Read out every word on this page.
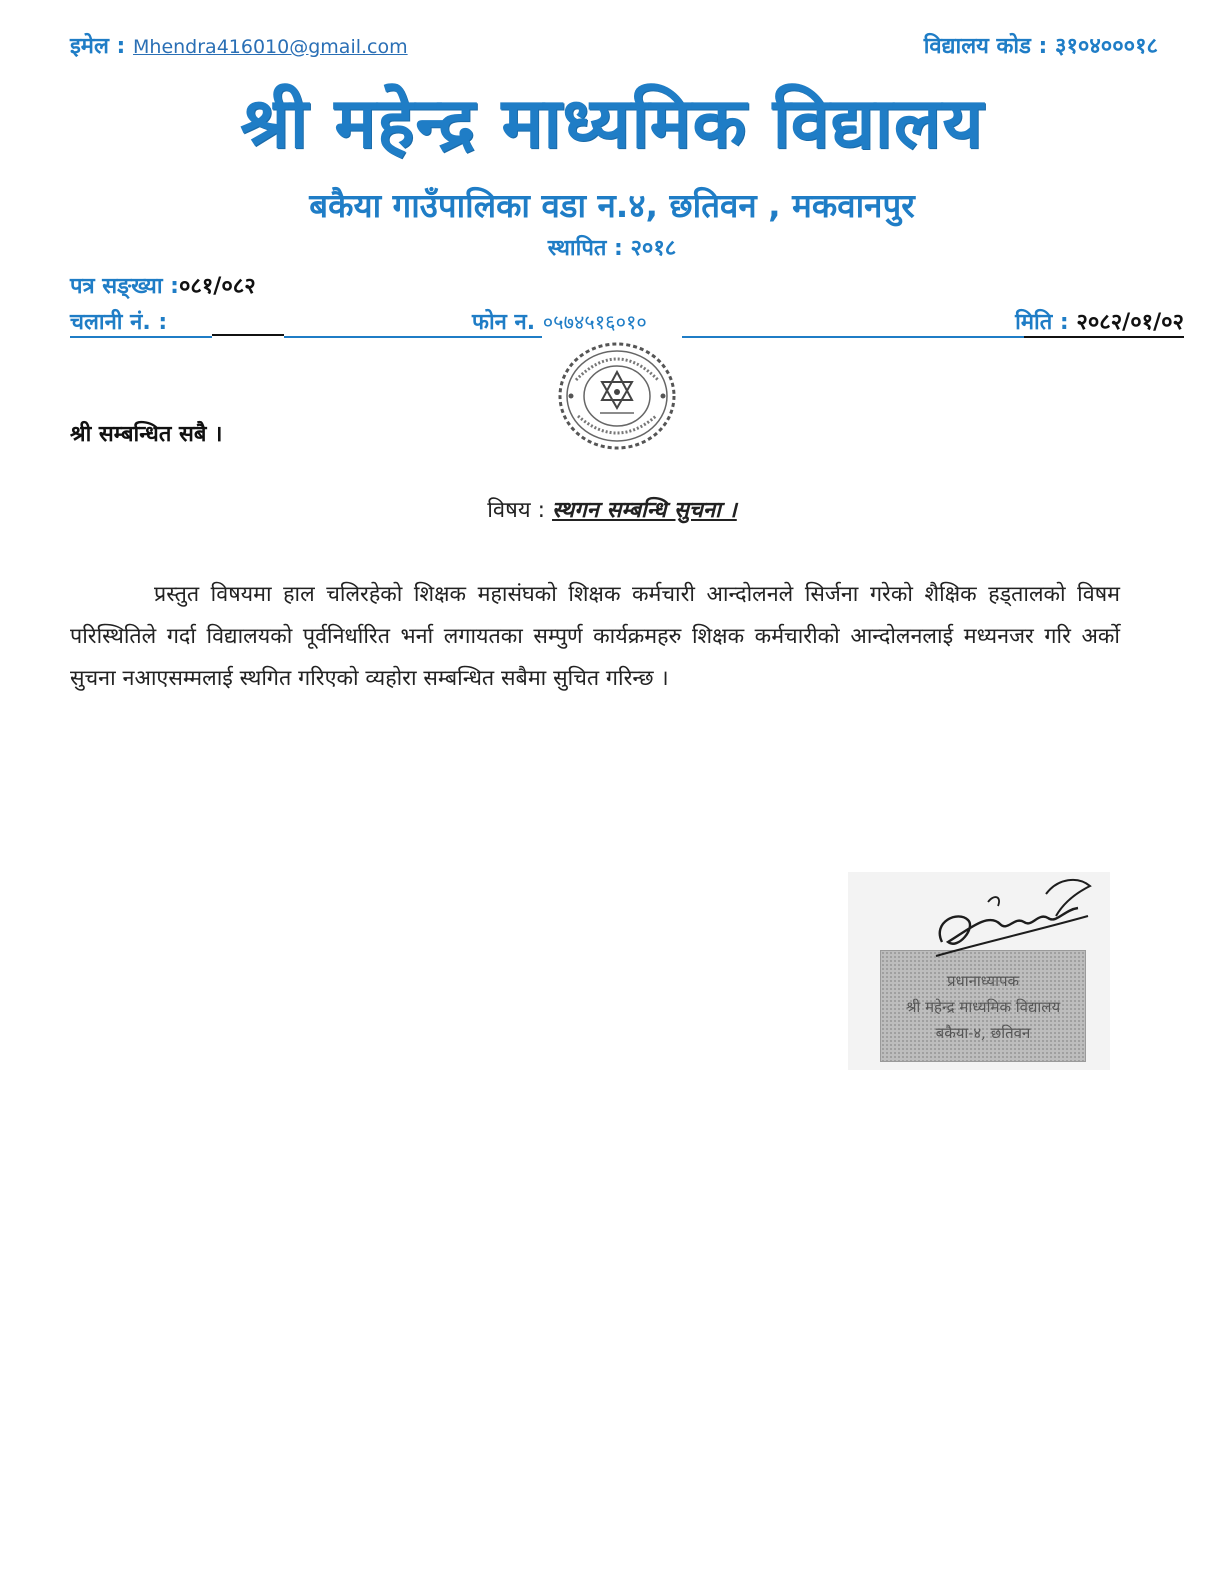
इमेल : Mhendra416010@gmail.com	विद्यालय कोड : ३१०४०००१८
श्री महेन्द्र माध्यमिक विद्यालय
बकैया गाउँपालिका वडा न.४, छतिवन , मकवानपुर
स्थापित : २०१८
पत्र सङ्ख्या :०८१/०८२
चलानी नं. :	फोन न. ०५७४५१६०१०	मिति : २०८२/०१/०२
श्री सम्बन्धित सबै ।
विषय : स्थगन सम्बन्धि सुचना ।
प्रस्तुत विषयमा हाल चलिरहेको शिक्षक महासंघको शिक्षक कर्मचारी आन्दोलनले सिर्जना गरेको शैक्षिक हड्तालको विषम परिस्थितिले गर्दा विद्यालयको पूर्वनिर्धारित भर्ना लगायतका सम्पुर्ण कार्यक्रमहरु शिक्षक कर्मचारीको आन्दोलनलाई मध्यनजर गरि अर्को सुचना नआएसम्मलाई स्थगित गरिएको व्यहोरा सम्बन्धित सबैमा सुचित गरिन्छ ।
प्रधानाध्यापक
श्री महेन्द्र माध्यमिक विद्यालय
बकैया-४, छतिवन
